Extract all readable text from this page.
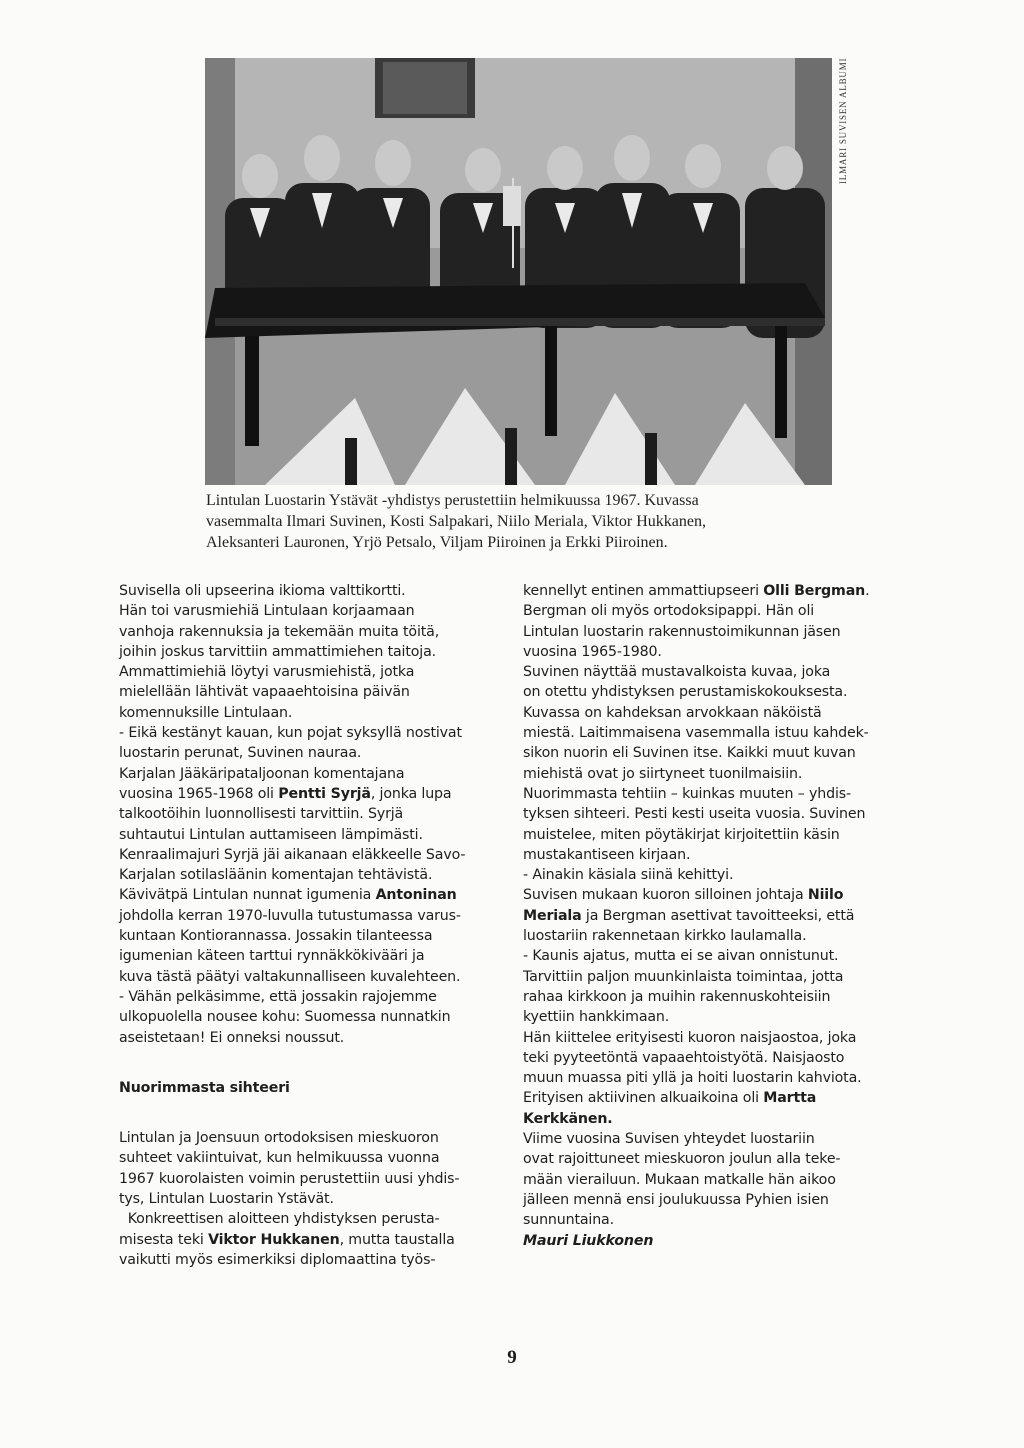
ILMARI SUVISEN ALBUMI

Lintulan Luostarin Ystävät -yhdistys perustettiin helmikuussa 1967. Kuvassa

vasemmalta Ilmari Suvinen, Kosti Salpakari, Niilo Meriala, Viktor Hukkanen,

Aleksanteri Lauronen, Yrjö Petsalo, Viljam Piiroinen ja Erkki Piiroinen.

Suvisella oli upseerina ikioma valttikortti.

Hän toi varusmiehiä Lintulaan korjaamaan

vanhoja rakennuksia ja tekemään muita töitä,

joihin joskus tarvittiin ammattimiehen taitoja.

Ammattimiehiä löytyi varusmiehistä, jotka

mielellään lähtivät vapaaehtoisina päivän

komennuksille Lintulaan.

- Eikä kestänyt kauan, kun pojat syksyllä nostivat

luostarin perunat, Suvinen nauraa.

Karjalan Jääkäripataljoonan komentajana

vuosina 1965-1968 oli Pentti Syrjä, jonka lupa

talkootöihin luonnollisesti tarvittiin. Syrjä

suhtautui Lintulan auttamiseen lämpimästi.

Kenraalimajuri Syrjä jäi aikanaan eläkkeelle Savo-

Karjalan sotilasläänin komentajan tehtävistä.

Kävivätpä Lintulan nunnat igumenia Antoninan

johdolla kerran 1970-luvulla tutustumassa varus-

kuntaan Kontiorannassa. Jossakin tilanteessa

igumenian käteen tarttui rynnäkkökivääri ja

kuva tästä päätyi valtakunnalliseen kuvalehteen.

- Vähän pelkäsimme, että jossakin rajojemme

ulkopuolella nousee kohu: Suomessa nunnatkin

aseistetaan! Ei onneksi noussut.

Nuorimmasta sihteeri

Lintulan ja Joensuun ortodoksisen mieskuoron

suhteet vakiintuivat, kun helmikuussa vuonna

1967 kuorolaisten voimin perustettiin uusi yhdis-

tys, Lintulan Luostarin Ystävät.

Konkreettisen aloitteen yhdistyksen perusta-

misesta teki Viktor Hukkanen, mutta taustalla

vaikutti myös esimerkiksi diplomaattina työs-

kennellyt entinen ammattiupseeri Olli Bergman.

Bergman oli myös ortodoksipappi. Hän oli

Lintulan luostarin rakennustoimikunnan jäsen

vuosina 1965-1980.

Suvinen näyttää mustavalkoista kuvaa, joka

on otettu yhdistyksen perustamiskokouksesta.

Kuvassa on kahdeksan arvokkaan näköistä

miestä. Laitimmaisena vasemmalla istuu kahdek-

sikon nuorin eli Suvinen itse. Kaikki muut kuvan

miehistä ovat jo siirtyneet tuonilmaisiin.

Nuorimmasta tehtiin – kuinkas muuten – yhdis-

tyksen sihteeri. Pesti kesti useita vuosia. Suvinen

muistelee, miten pöytäkirjat kirjoitettiin käsin

mustakantiseen kirjaan.

- Ainakin käsiala siinä kehittyi.

Suvisen mukaan kuoron silloinen johtaja Niilo

Meriala ja Bergman asettivat tavoitteeksi, että

luostariin rakennetaan kirkko laulamalla.

- Kaunis ajatus, mutta ei se aivan onnistunut.

Tarvittiin paljon muunkinlaista toimintaa, jotta

rahaa kirkkoon ja muihin rakennuskohteisiin

kyettiin hankkimaan.

Hän kiittelee erityisesti kuoron naisjaostoa, joka

teki pyyteetöntä vapaaehtoistyötä. Naisjaosto

muun muassa piti yllä ja hoiti luostarin kahviota.

Erityisen aktiivinen alkuaikoina oli Martta

Kerkkänen.

Viime vuosina Suvisen yhteydet luostariin

ovat rajoittuneet mieskuoron joulun alla teke-

mään vierailuun. Mukaan matkalle hän aikoo

jälleen mennä ensi joulukuussa Pyhien isien

sunnuntaina.

Mauri Liukkonen

9
